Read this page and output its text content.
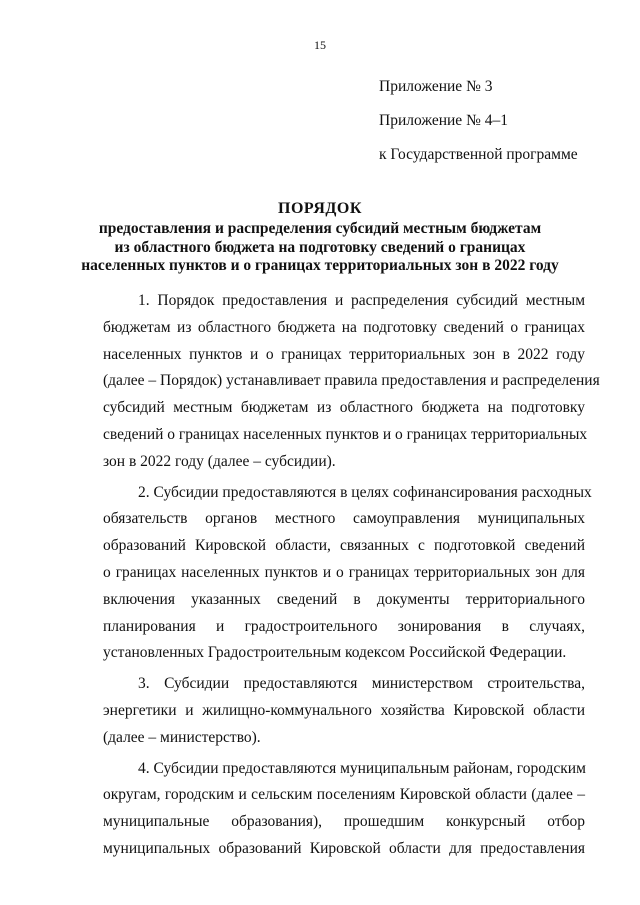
15
Приложение № 3
Приложение № 4–1
к Государственной программе
ПОРЯДОК
предоставления и распределения субсидий местным бюджетам
из областного бюджета на подготовку сведений о границах
населенных пунктов и о границах территориальных зон в 2022 году
1. Порядок предоставления и распределения субсидий местным
бюджетам из областного бюджета на подготовку сведений о границах
населенных пунктов и о границах территориальных зон в 2022 году
(далее – Порядок) устанавливает правила предоставления и распределения
субсидий местным бюджетам из областного бюджета на подготовку
сведений о границах населенных пунктов и о границах территориальных
зон в 2022 году (далее – субсидии).
2. Субсидии предоставляются в целях софинансирования расходных
обязательств органов местного самоуправления муниципальных
образований Кировской области, связанных с подготовкой сведений
о границах населенных пунктов и о границах территориальных зон для
включения указанных сведений в документы территориального
планирования и градостроительного зонирования в случаях,
установленных Градостроительным кодексом Российской Федерации.
3. Субсидии предоставляются министерством строительства,
энергетики и жилищно-коммунального хозяйства Кировской области
(далее – министерство).
4. Субсидии предоставляются муниципальным районам, городским
округам, городским и сельским поселениям Кировской области (далее –
муниципальные образования), прошедшим конкурсный отбор
муниципальных образований Кировской области для предоставления
